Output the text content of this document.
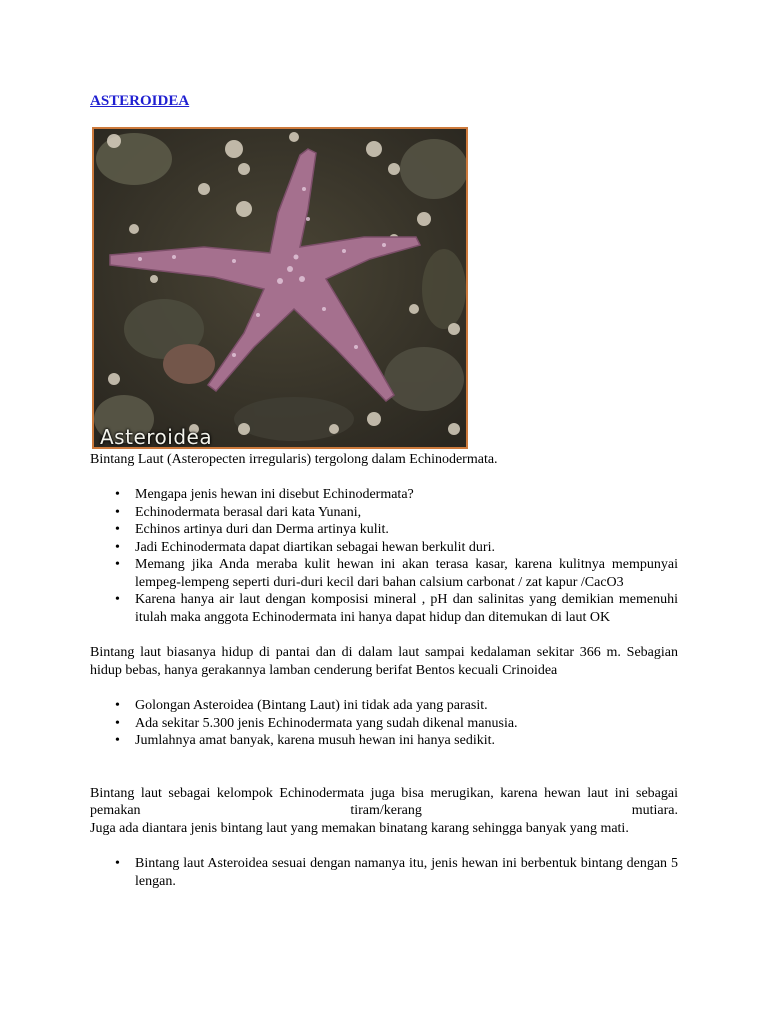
ASTEROIDEA
Asteroidea

Bintang Laut (Asteropecten irregularis) tergolong dalam Echinodermata.

• Mengapa jenis hewan ini disebut Echinodermata?
• Echinodermata berasal dari kata Yunani,
• Echinos artinya duri dan Derma artinya kulit.
• Jadi Echinodermata dapat diartikan sebagai hewan berkulit duri.
• Memang jika Anda meraba kulit hewan ini akan terasa kasar, karena kulitnya mempunyai lempeg-lempeng seperti duri-duri kecil dari bahan calsium carbonat / zat kapur /CacO3
• Karena hanya air laut dengan komposisi mineral , pH dan salinitas yang demikian memenuhi itulah maka anggota Echinodermata ini hanya dapat hidup dan ditemukan di laut OK

Bintang laut biasanya hidup di pantai dan di dalam laut sampai kedalaman sekitar 366 m. Sebagian hidup bebas, hanya gerakannya lamban cenderung berifat Bentos kecuali Crinoidea

• Golongan Asteroidea (Bintang Laut) ini tidak ada yang parasit.
• Ada sekitar 5.300 jenis Echinodermata yang sudah dikenal manusia.
• Jumlahnya amat banyak, karena musuh hewan ini hanya sedikit.

Bintang laut sebagai kelompok Echinodermata juga bisa merugikan, karena hewan laut ini sebagai pemakan tiram/kerang mutiara.

Juga ada diantara jenis bintang laut yang memakan binatang karang sehingga banyak yang mati.

• Bintang laut Asteroidea sesuai dengan namanya itu, jenis hewan ini berbentuk bintang dengan 5 lengan.
